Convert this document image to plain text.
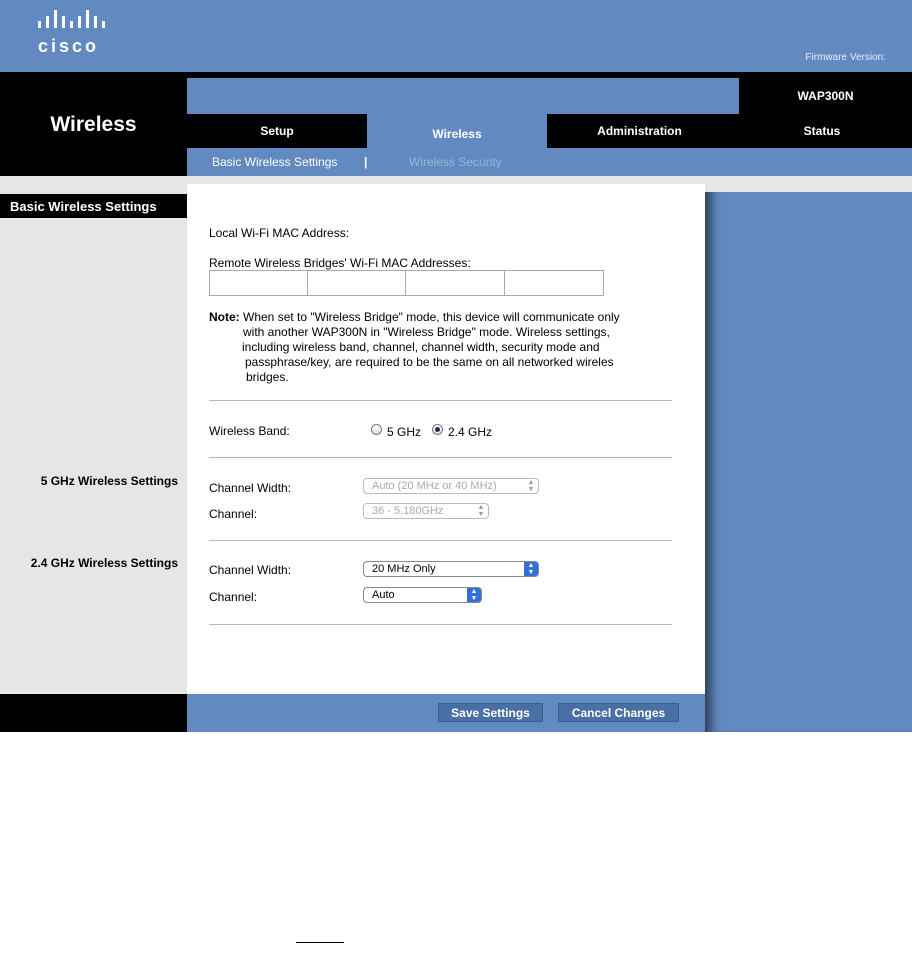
cisco
Firmware Version:
Wireless
WAP300N
Setup	Wireless	Administration	Status
Basic Wireless Settings |	Wireless Security
Basic Wireless Settings
5 GHz Wireless Settings
2.4 GHz Wireless Settings
Local Wi-Fi MAC Address:
Remote Wireless Bridges' Wi-Fi MAC Addresses:
Note: When set to "Wireless Bridge" mode, this device will communicate only
with another WAP300N in "Wireless Bridge" mode. Wireless settings,
including wireless band, channel, channel width, security mode and
passphrase/key, are required to be the same on all networked wireles
bridges.
Wireless Band:	5 GHz 2.4 GHz
Channel Width:	Auto (20 MHz or 40 MHz)	▲
▼
Channel:	36 - 5.180GHz	▲
▼
Channel Width:	20 MHz Only	▲
▼
Channel:	Auto	▲
▼
Save Settings	Cancel Changes
